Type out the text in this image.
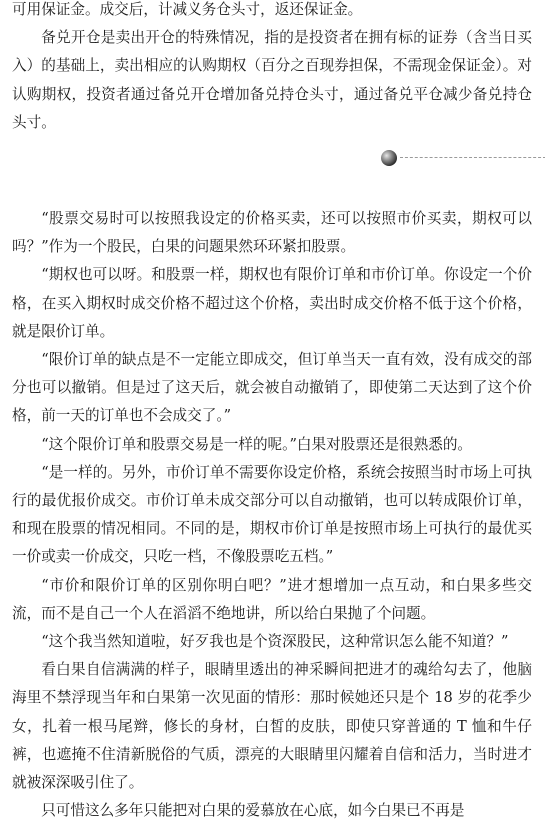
可用保证金。成交后，计减义务仓头寸，返还保证金。

备兑开仓是卖出开仓的特殊情况，指的是投资者在拥有标的证券（含当日买入）的基础上，卖出相应的认购期权（百分之百现券担保，不需现金保证金）。对认购期权，投资者通过备兑开仓增加备兑持仓头寸，通过备兑平仓减少备兑持仓头寸。

“股票交易时可以按照我设定的价格买卖，还可以按照市价买卖，期权可以吗？”作为一个股民，白果的问题果然环环紧扣股票。

“期权也可以呀。和股票一样，期权也有限价订单和市价订单。你设定一个价格，在买入期权时成交价格不超过这个价格，卖出时成交价格不低于这个价格，就是限价订单。

“限价订单的缺点是不一定能立即成交，但订单当天一直有效，没有成交的部分也可以撤销。但是过了这天后，就会被自动撤销了，即使第二天达到了这个价格，前一天的订单也不会成交了。”

“这个限价订单和股票交易是一样的呢。”白果对股票还是很熟悉的。

“是一样的。另外，市价订单不需要你设定价格，系统会按照当时市场上可执行的最优报价成交。市价订单未成交部分可以自动撤销，也可以转成限价订单，和现在股票的情况相同。不同的是，期权市价订单是按照市场上可执行的最优买一价或卖一价成交，只吃一档，不像股票吃五档。”

“市价和限价订单的区别你明白吧？”进才想增加一点互动，和白果多些交流，而不是自己一个人在滔滔不绝地讲，所以给白果抛了个问题。

“这个我当然知道啦，好歹我也是个资深股民，这种常识怎么能不知道？”

看白果自信满满的样子，眼睛里透出的神采瞬间把进才的魂给勾去了，他脑海里不禁浮现当年和白果第一次见面的情形：那时候她还只是个 18 岁的花季少女，扎着一根马尾辫，修长的身材，白皙的皮肤，即使只穿普通的 T 恤和牛仔裤，也遮掩不住清新脱俗的气质，漂亮的大眼睛里闪耀着自信和活力，当时进才就被深深吸引住了。

只可惜这么多年只能把对白果的爱慕放在心底，如今白果已不再是
